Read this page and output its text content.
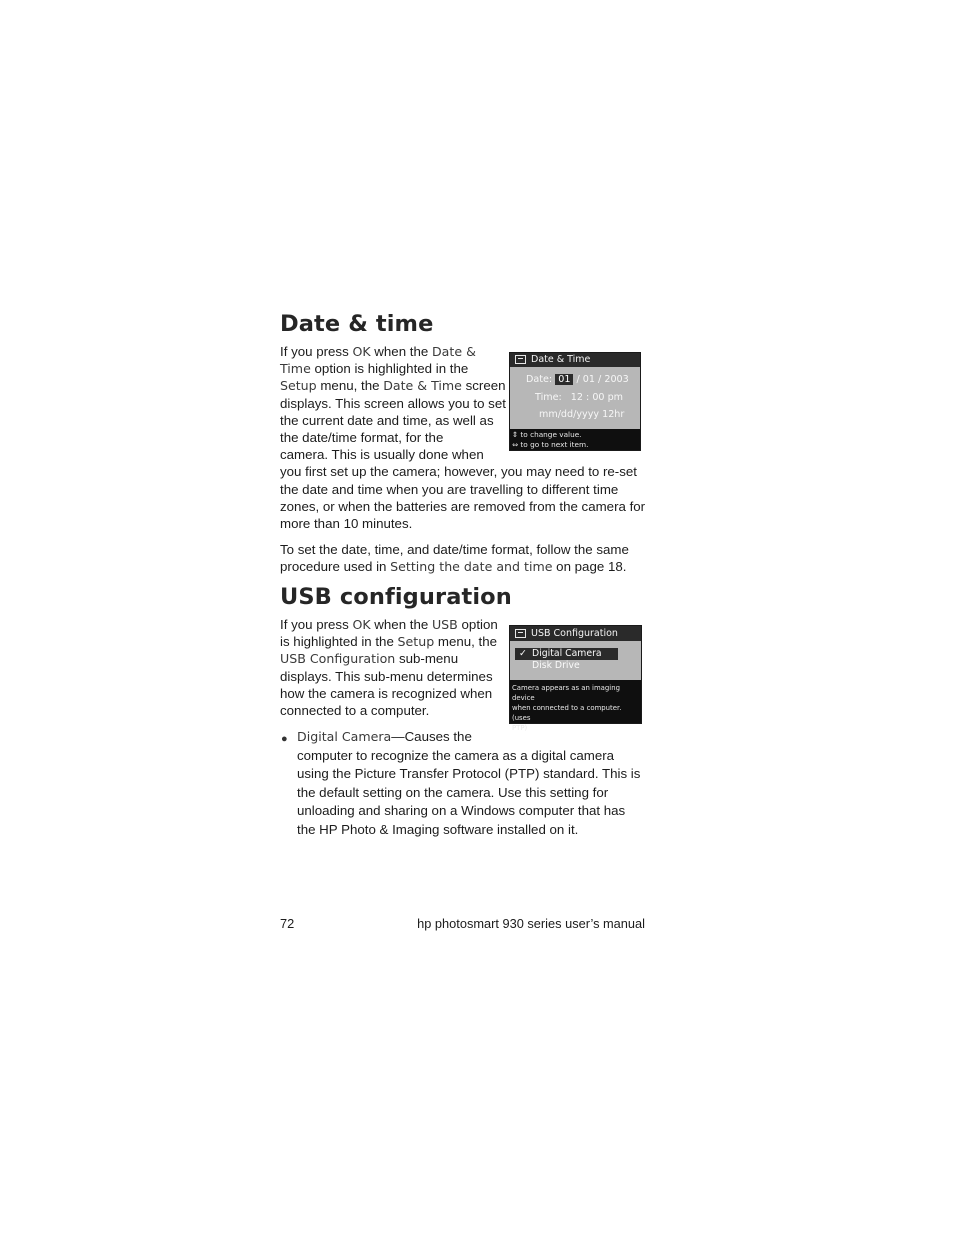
Date & time

If you press OK when the Date &
Time option is highlighted in the
Setup menu, the Date & Time screen
displays. This screen allows you to set
the current date and time, as well as
the date/time format, for the
camera. This is usually done when
you first set up the camera; however, you may need to re-set
the date and time when you are travelling to different time
zones, or when the batteries are removed from the camera for
more than 10 minutes.

Date & Time
Date: 01 / 01 / 2003
Time: 12 : 00 pm
mm/dd/yyyy 12hr
⇕ to change value.
⇔ to go to next item.

To set the date, time, and date/time format, follow the same
procedure used in Setting the date and time on page 18.

USB configuration

If you press OK when the USB option
is highlighted in the Setup menu, the
USB Configuration sub-menu
displays. This sub-menu determines
how the camera is recognized when
connected to a computer.

USB Configuration
✓ Digital Camera
Disk Drive
Camera appears as an imaging device
when connected to a computer. (uses
PTP)
● Digital Camera—Causes the
computer to recognize the camera as a digital camera
using the Picture Transfer Protocol (PTP) standard. This is
the default setting on the camera. Use this setting for
unloading and sharing on a Windows computer that has
the HP Photo & Imaging software installed on it.

72	hp photosmart 930 series user’s manual
